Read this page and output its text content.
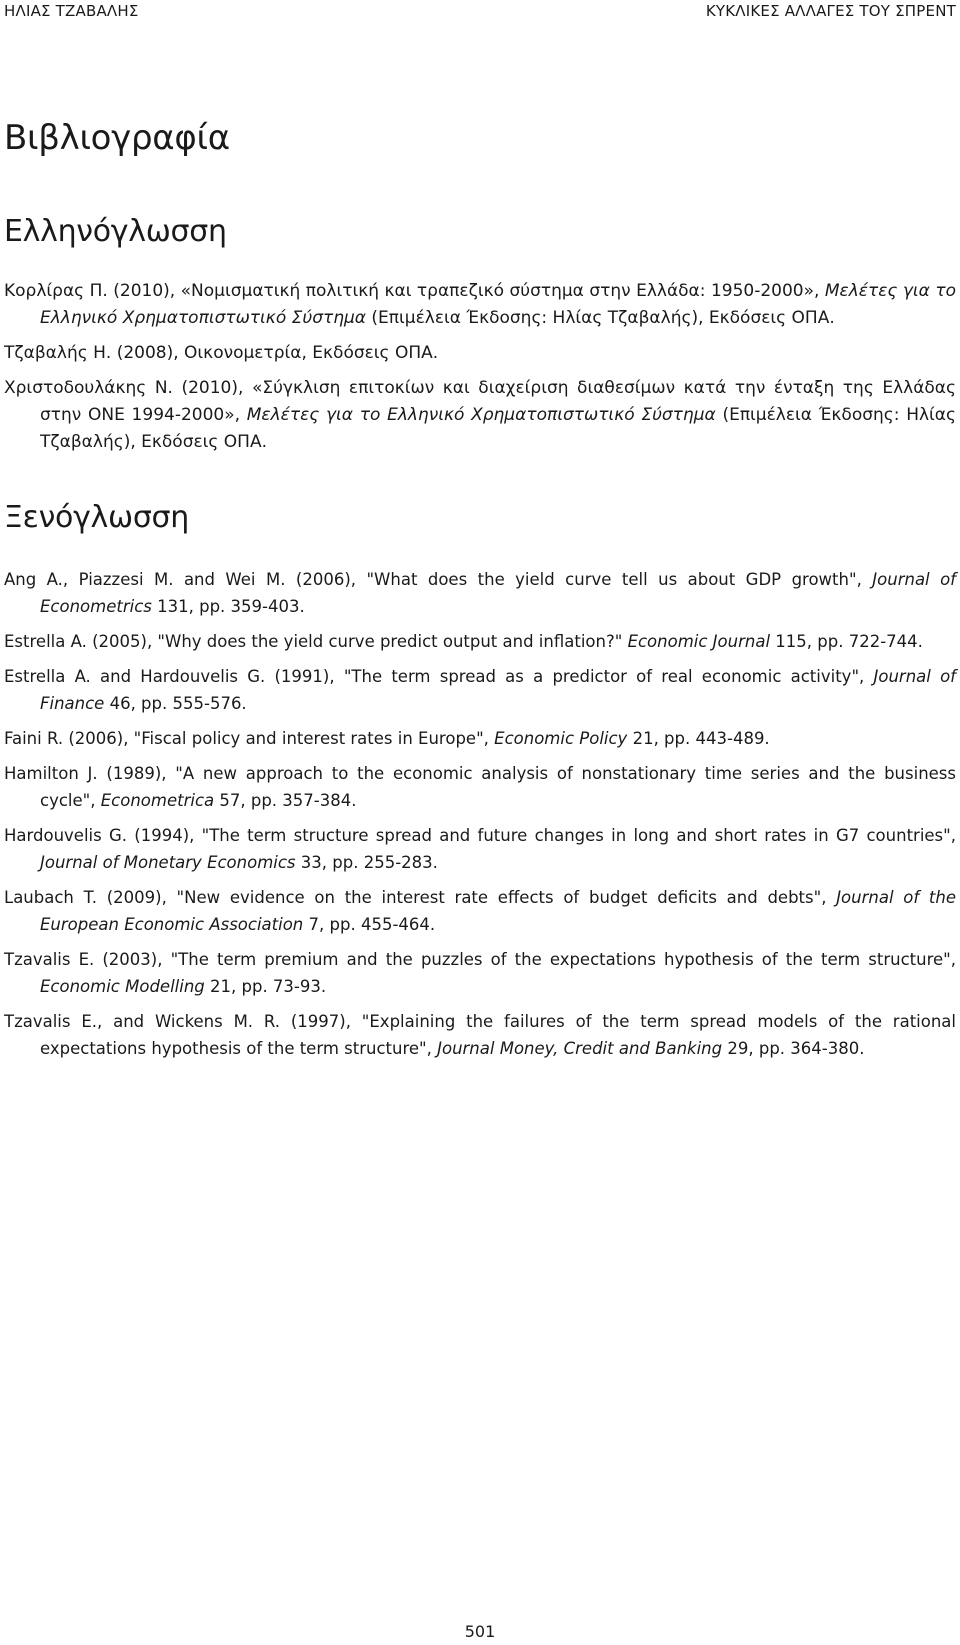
ΗΛΙΑΣ ΤΖΑΒΑΛΗΣ	ΚΥΚΛΙΚΕΣ ΑΛΛΑΓΕΣ ΤΟΥ ΣΠΡΕΝΤ
Βιβλιογραφία
Ελληνόγλωσση
Κορλίρας Π. (2010), «Νομισματική πολιτική και τραπεζικό σύστημα στην Ελλάδα: 1950-2000», Μελέτες για το Ελληνικό Χρηματοπιστωτικό Σύστημα (Επιμέλεια Έκδοσης: Ηλίας Τζαβαλής), Εκδόσεις ΟΠΑ.
Τζαβαλής Η. (2008), Οικονομετρία, Εκδόσεις ΟΠΑ.
Χριστοδουλάκης Ν. (2010), «Σύγκλιση επιτοκίων και διαχείριση διαθεσίμων κατά την ένταξη της Ελλάδας στην ΟΝΕ 1994-2000», Μελέτες για το Ελληνικό Χρηματοπιστωτικό Σύστημα (Επιμέλεια Έκδοσης: Ηλίας Τζαβαλής), Εκδόσεις ΟΠΑ.
Ξενόγλωσση
Ang A., Piazzesi M. and Wei M. (2006), "What does the yield curve tell us about GDP growth", Journal of Econometrics 131, pp. 359-403.
Estrella A. (2005), "Why does the yield curve predict output and inflation?" Economic Journal 115, pp. 722-744.
Estrella A. and Hardouvelis G. (1991), "The term spread as a predictor of real economic activity", Journal of Finance 46, pp. 555-576.
Faini R. (2006), "Fiscal policy and interest rates in Europe", Economic Policy 21, pp. 443-489.
Hamilton J. (1989), "A new approach to the economic analysis of nonstationary time series and the business cycle", Econometrica 57, pp. 357-384.
Hardouvelis G. (1994), "The term structure spread and future changes in long and short rates in G7 countries", Journal of Monetary Economics 33, pp. 255-283.
Laubach T. (2009), "New evidence on the interest rate effects of budget deficits and debts", Journal of the European Economic Association 7, pp. 455-464.
Tzavalis E. (2003), "The term premium and the puzzles of the expectations hypothesis of the term structure", Economic Modelling 21, pp. 73-93.
Tzavalis E., and Wickens M. R. (1997), "Explaining the failures of the term spread models of the rational expectations hypothesis of the term structure", Journal Money, Credit and Banking 29, pp. 364-380.
501
